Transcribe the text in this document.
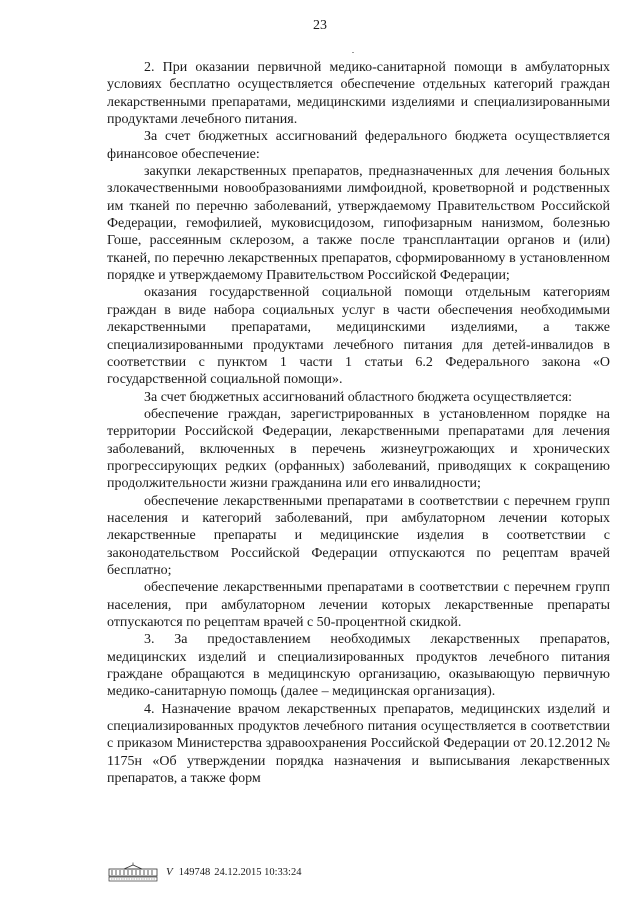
23

2. При оказании первичной медико-санитарной помощи в амбулаторных условиях бесплатно осуществляется обеспечение отдельных категорий граждан лекарственными препаратами, медицинскими изделиями и специализированными продуктами лечебного питания.

За счет бюджетных ассигнований федерального бюджета осуществляется финансовое обеспечение:

закупки лекарственных препаратов, предназначенных для лечения больных злокачественными новообразованиями лимфоидной, кроветворной и родственных им тканей по перечню заболеваний, утверждаемому Правительством Российской Федерации, гемофилией, муковисцидозом, гипофизарным нанизмом, болезнью Гоше, рассеянным склерозом, а также после трансплантации органов и (или) тканей, по перечню лекарственных препаратов, сформированному в установленном порядке и утверждаемому Правительством Российской Федерации;

оказания государственной социальной помощи отдельным категориям граждан в виде набора социальных услуг в части обеспечения необходимыми лекарственными препаратами, медицинскими изделиями, а также специализированными продуктами лечебного питания для детей-инвалидов в соответствии с пунктом 1 части 1 статьи 6.2 Федерального закона «О государственной социальной помощи».

За счет бюджетных ассигнований областного бюджета осуществляется:

обеспечение граждан, зарегистрированных в установленном порядке на территории Российской Федерации, лекарственными препаратами для лечения заболеваний, включенных в перечень жизнеугрожающих и хронических прогрессирующих редких (орфанных) заболеваний, приводящих к сокращению продолжительности жизни гражданина или его инвалидности;

обеспечение лекарственными препаратами в соответствии с перечнем групп населения и категорий заболеваний, при амбулаторном лечении которых лекарственные препараты и медицинские изделия в соответствии с законодательством Российской Федерации отпускаются по рецептам врачей бесплатно;

обеспечение лекарственными препаратами в соответствии с перечнем групп населения, при амбулаторном лечении которых лекарственные препараты отпускаются по рецептам врачей с 50-процентной скидкой.

3. За предоставлением необходимых лекарственных препаратов, медицинских изделий и специализированных продуктов лечебного питания граждане обращаются в медицинскую организацию, оказывающую первичную медико-санитарную помощь (далее – медицинская организация).

4. Назначение врачом лекарственных препаратов, медицинских изделий и специализированных продуктов лечебного питания осуществляется в соответствии с приказом Министерства здравоохранения Российской Федерации от 20.12.2012 № 1175н «Об утверждении порядка назначения и выписывания лекарственных препаратов, а также форм

V 149748 24.12.2015 10:33:24
